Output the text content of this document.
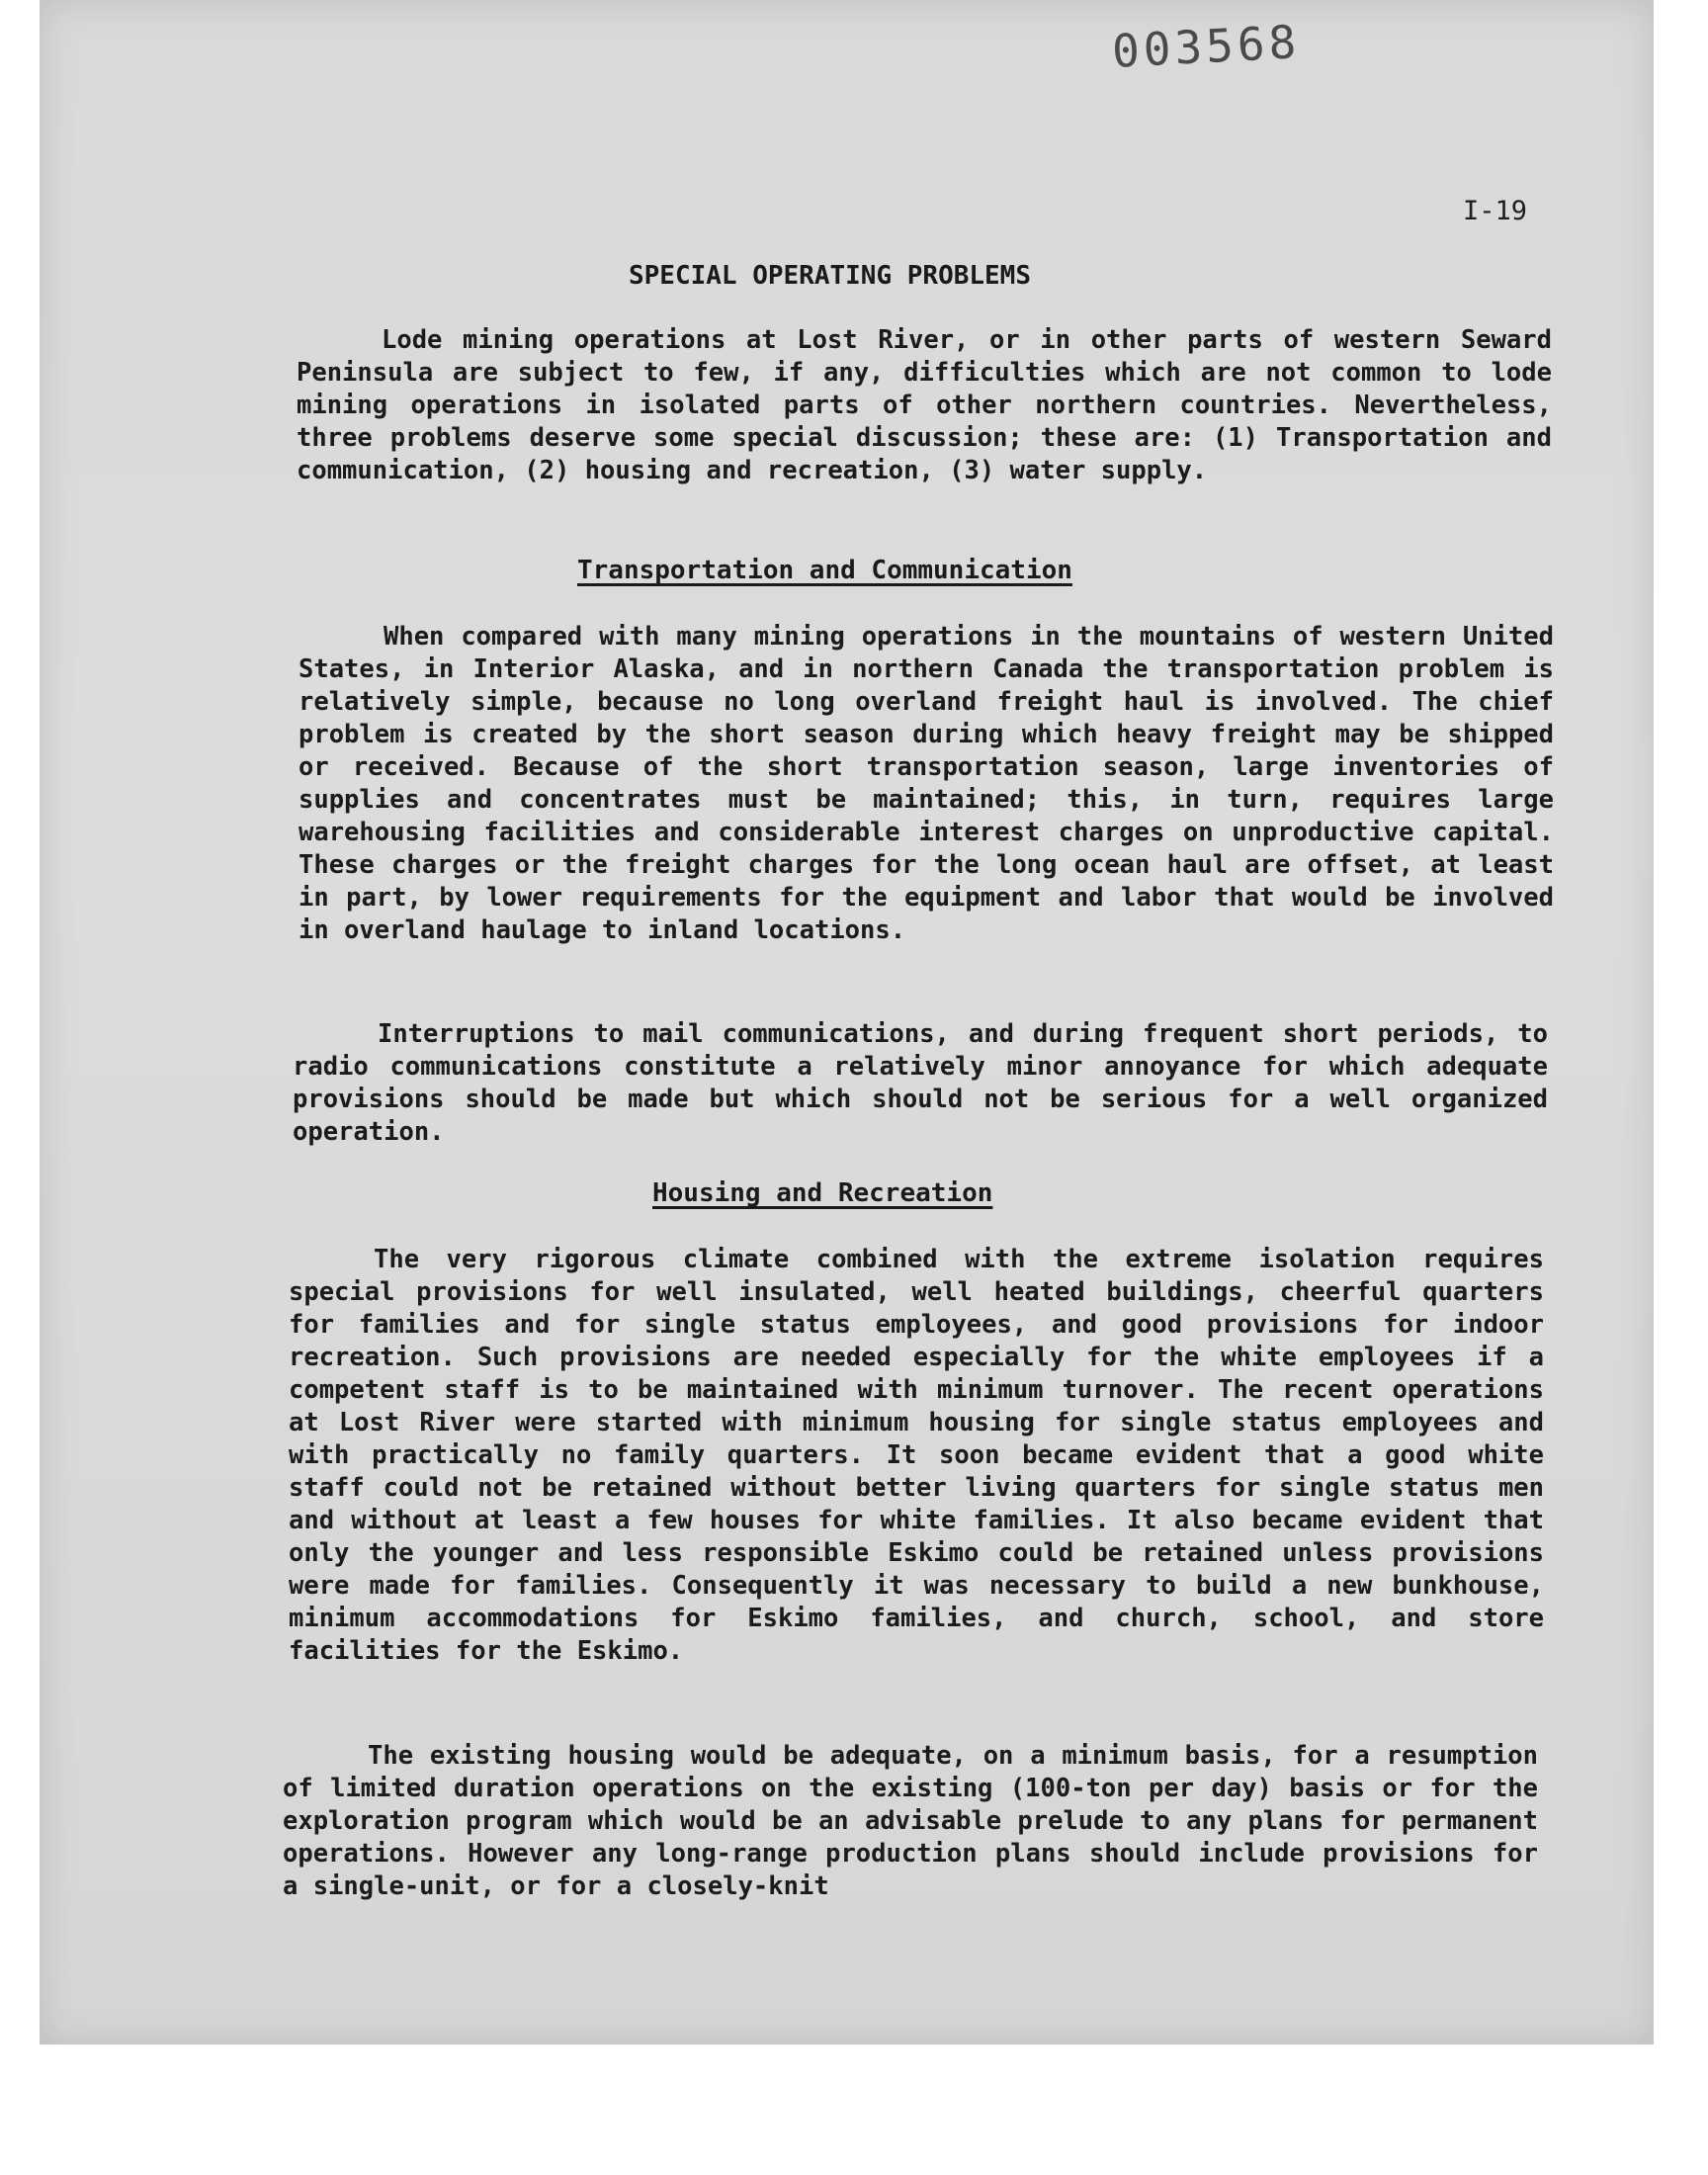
003568
I-19
SPECIAL OPERATING PROBLEMS

Lode mining operations at Lost River, or in other parts of western Seward Peninsula are subject to few, if any, difficulties which are not common to lode mining operations in isolated parts of other northern countries. Nevertheless, three problems deserve some special discussion; these are: (1) Transportation and communication, (2) housing and recreation, (3) water supply.

Transportation and Communication

When compared with many mining operations in the mountains of western United States, in Interior Alaska, and in northern Canada the transportation problem is relatively simple, because no long overland freight haul is involved. The chief problem is created by the short season during which heavy freight may be shipped or received. Because of the short transportation season, large inventories of supplies and concentrates must be maintained; this, in turn, requires large warehousing facilities and considerable interest charges on unproductive capital. These charges or the freight charges for the long ocean haul are offset, at least in part, by lower requirements for the equipment and labor that would be involved in overland haulage to inland locations.

Interruptions to mail communications, and during frequent short periods, to radio communications constitute a relatively minor annoyance for which adequate provisions should be made but which should not be serious for a well organized operation.

Housing and Recreation

The very rigorous climate combined with the extreme isolation requires special provisions for well insulated, well heated buildings, cheerful quarters for families and for single status employees, and good provisions for indoor recreation. Such provisions are needed especially for the white employees if a competent staff is to be maintained with minimum turnover. The recent operations at Lost River were started with minimum housing for single status employees and with practically no family quarters. It soon became evident that a good white staff could not be retained without better living quarters for single status men and without at least a few houses for white families. It also became evident that only the younger and less responsible Eskimo could be retained unless provisions were made for families. Consequently it was necessary to build a new bunkhouse, minimum accommodations for Eskimo families, and church, school, and store facilities for the Eskimo.

The existing housing would be adequate, on a minimum basis, for a resumption of limited duration operations on the existing (100-ton per day) basis or for the exploration program which would be an advisable prelude to any plans for permanent operations. However any long-range production plans should include provisions for a single-unit, or for a closely-knit
